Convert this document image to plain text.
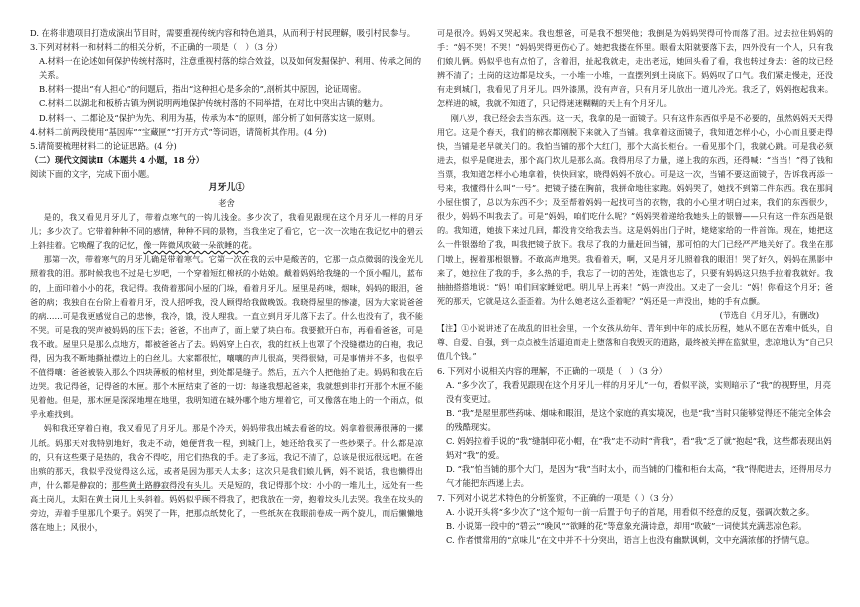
D. 在将非遗项目打造成演出节目时，需要重视传统内容和特色道具，从而利于村民理解，吸引村民参与。

3.下列对材料一和材料二的相关分析，不正确的一项是（　）（3 分）

A.材料一在论述如何保护传统村落时，注意重视村落的综合效益，以及如何发掘保护、利用、传承之间的关系。

B.材料一提出“有人担心”的问题后，指出“这种担心是多余的”,剖析其中原因，论证周密。

C.材料二以湖北和板桥古镇为例说明两地保护传统村落的不同举措，在对比中突出古镇的魅力。

D.材料一、二都论及“保护为先、利用为基，传承为本”的原则，部分析了如何落实这一原则。

4.材料二前两段使用“基因库”“宝藏匣”“打开方式”等词语，请简析其作用。(4 分)

5.请简要梳理材料二的论证思路。(4 分)

（二）现代文阅读Ⅱ（本题共 4 小题，18 分）

阅读下面的文字，完成下面小题。

月牙儿①

老舍

是的，我又看见月牙儿了，带着点寒气的一钩儿浅金。多少次了，我看见跟现在这个月牙儿一样的月牙儿；多少次了。它带着种种不同的感情，种种不同的景物，当我坐定了看它，它一次一次地在我记忆中的碧云上斜挂着。它唤醒了我的记忆，像一阵微风吹破一朵欲睡的花。

那第一次，带着寒气的月牙儿确是带着寒气。它第一次在我的云中是酸苦的，它那一点点微弱的浅金光儿照着我的泪。那时候我也不过是七岁吧，一个穿着短红棉袄的小姑娘。戴着妈妈给我缝的一个顶小帽儿，蓝布的，上面印着小小的花，我记得。我倚着那间小屋的门垛，看着月牙儿。屋里是药味，烟味，妈妈的眼泪，爸爸的病；我独自在台阶上看着月牙，没人招呼我，没人顾得给我做晚饭。我晓得屋里的惨凄，因为大家说爸爸的病……可是我更感觉自己的悲惨，我冷，饿，没人理我。一直立到月牙儿落下去了。什么也没有了，我不能不哭。可是我的哭声被妈妈的压下去；爸爸，不出声了，面上蒙了块白布。我要掀开白布，再看看爸爸，可是我不敢。屋里只是那么点地方，都被爸爸占了去。妈妈穿上白衣，我的红袄上也罩了个没缝襟边的白袍，我记得，因为我不断地撕扯襟边上的白丝儿。大家都很忙，嚷嚷的声儿很高，哭得很恸，可是事情并不多，也似乎不值得嚷：爸爸被装入那么个四块薄板的棺材里，到处都是缝子。然后，五六个人把他抬了走。妈妈和我在后边哭。我记得爸，记得爸的木匣。那个木匣结束了爸的一切：每逢我想起爸来，我就想到非打开那个木匣不能见着他。但是，那木匣是深深地埋在地里，我明知道在城外哪个地方埋着它，可又像落在地上的一个雨点，似乎永难找到。

妈和我还穿着白袍，我又看见了月牙儿。那是个冷天，妈妈带我出城去看爸的坟。妈拿着很薄很薄的一摞儿纸。妈那天对我特别地好，我走不动，她便背我一程，到城门上，她还给我买了一些炒栗子。什么都是凉的，只有这些栗子是热的，我舍不得吃，用它们热我的手。走了多远，我记不清了，总该是很远很远吧。在爸出殡的那天，我似乎没觉得这么远，或者是因为那天人太多；这次只是我们娘儿俩，妈不说话，我也懒得出声，什么都是静寂的；那些黄土路静寂得没有头儿。天是短的，我记得那个坟：小小的一堆儿土，远处有一些高土岗儿，太阳在黄土岗儿上头斜着。妈妈似乎顾不得我了，把我放在一旁，抱着坟头儿去哭。我坐在坟头的旁边，弄着手里那几个栗子。妈哭了一阵，把那点纸焚化了，一些纸灰在我眼前卷成一两个旋儿，而后懒懒地落在地上；风很小，

可是很冷。妈妈又哭起来。我也想爸，可是我不想哭他；我倒是为妈妈哭得可怜而落了泪。过去拉住妈妈的手：“妈不哭！不哭！”妈妈哭得更伤心了。她把我搂在怀里。眼看太阳就要落下去，四外没有一个人，只有我们娘儿俩。妈似乎也有点怕了，含着泪，扯起我就走，走出老远，她回头看了看，我也转过身去：爸的坟已经辨不清了；土岗的这边都是坟头，一小堆一小堆，一直摆列到土岗底下。妈妈叹了口气。我们紧走慢走，还没有走到城门，我看见了月牙儿。四外漆黑，没有声音，只有月牙儿放出一道儿冷光。我乏了，妈妈抱起我来。怎样进的城，我就不知道了，只记得迷迷糊糊的天上有个月牙儿。

刚八岁，我已经会去当东西。这一天，我拿的是一面镜子。只有这件东西似乎是不必要的，虽然妈妈天天得用它。这是个春天，我们的棉衣都刚脱下来就入了当铺。我拿着这面镜子，我知道怎样小心，小心而且要走得快，当铺是老早就关门的。我怕当铺的那个大红门，那个大高长柜台。一看见那个门，我就心跳。可是我必须进去，似乎是爬进去，那个高门坎儿是那么高。我得用尽了力量，递上我的东西，还得喊：“当当！”得了钱和当票，我知道怎样小心地拿着，快快回家，晓得妈妈不放心。可是这一次，当铺不要这面镜子，告诉我再添一号来，我懂得什么叫“一号”。把镜子搂在胸前，我拼命地往家跑。妈妈哭了，她找不到第二件东西。我在那间小屋住惯了，总以为东西不少；及至帮着妈妈一起找可当的衣物，我的小心里才明白过来，我们的东西很少，很少，妈妈不叫我去了。可是“妈妈，咱们吃什么呢？”妈妈哭着递给我她头上的银簪——只有这一件东西是银的。我知道，她拔下来过几回，都没肯交给我去当。这是妈妈出门子时，姥姥家给的一件首饰。现在，她把这么一件银器给了我，叫我把镜子放下。我尽了我的力量赶回当铺，那可怕的大门已经严严地关好了。我坐在那门墩上，握着那根银簪。不敢高声地哭。我看着天，啊，又是月牙儿照着我的眼泪！哭了好久，妈妈在黑影中来了，她拉住了我的手，多么热的手，我忘了一切的苦处，连饿也忘了，只要有妈妈这只热手拉着我就好。我抽抽搭搭地说：“妈！咱们回家睡觉吧。明儿早上再来！”妈一声没出。又走了一会儿：“妈！你看这个月牙；爸死的那天，它就是这么歪歪着。为什么她老这么歪着呢？”妈还是一声没出，她的手有点颤。

(节选自《月牙儿》，有删改)

【注】①小说讲述了在战乱的旧社会里，一个女孩从幼年、青年到中年的成长历程，她从不愿在苦难中低头，自尊、自爱、自强，到一点点被生活逼迫而走上堕落和自我毁灭的道路，最终被关押在监狱里，悲凉地认为“自己只值几个钱。”

6. 下列对小说相关内容的理解，不正确的一项是（　）（3 分）

A. “多少次了，我看见跟现在这个月牙儿一样的月牙儿”一句，看似平淡，实则暗示了“我”的视野里，月亮没有变更过。

B. “我”是屋里那些药味、烟味和眼泪，是这个家庭的真实境况，也是“我”当时只能够觉得还不能完全体会的残酷现实。

C. 妈妈拉着手说的“我”缝制印花小帽，在“我”走不动时“背我”，看“我”乏了就“抱起”我，这些都表现出妈妈对“我”的爱。

D. “我”怕当铺的那个大门，是因为“我”当时太小，而当铺的门槛和柜台太高，“我”得爬进去，还得用尽力气才能把东西递上去。

7. 下列对小说艺术特色的分析鉴赏，不正确的一项是（ ）（3 分）

A. 小说开头将“多少次了”这个短句一前一后置于句子的首尾，用看似不经意的反复，强调次数之多。

B. 小说第一段中的“碧云”“晚风”“欲睡的花”等意象充满诗意，却用“吹破”一词使其充满悲凉色彩。

C. 作者惯常用的“京味儿”在文中并不十分突出，语言上也没有幽默讽刺，文中充满浓郁的抒情气息。
